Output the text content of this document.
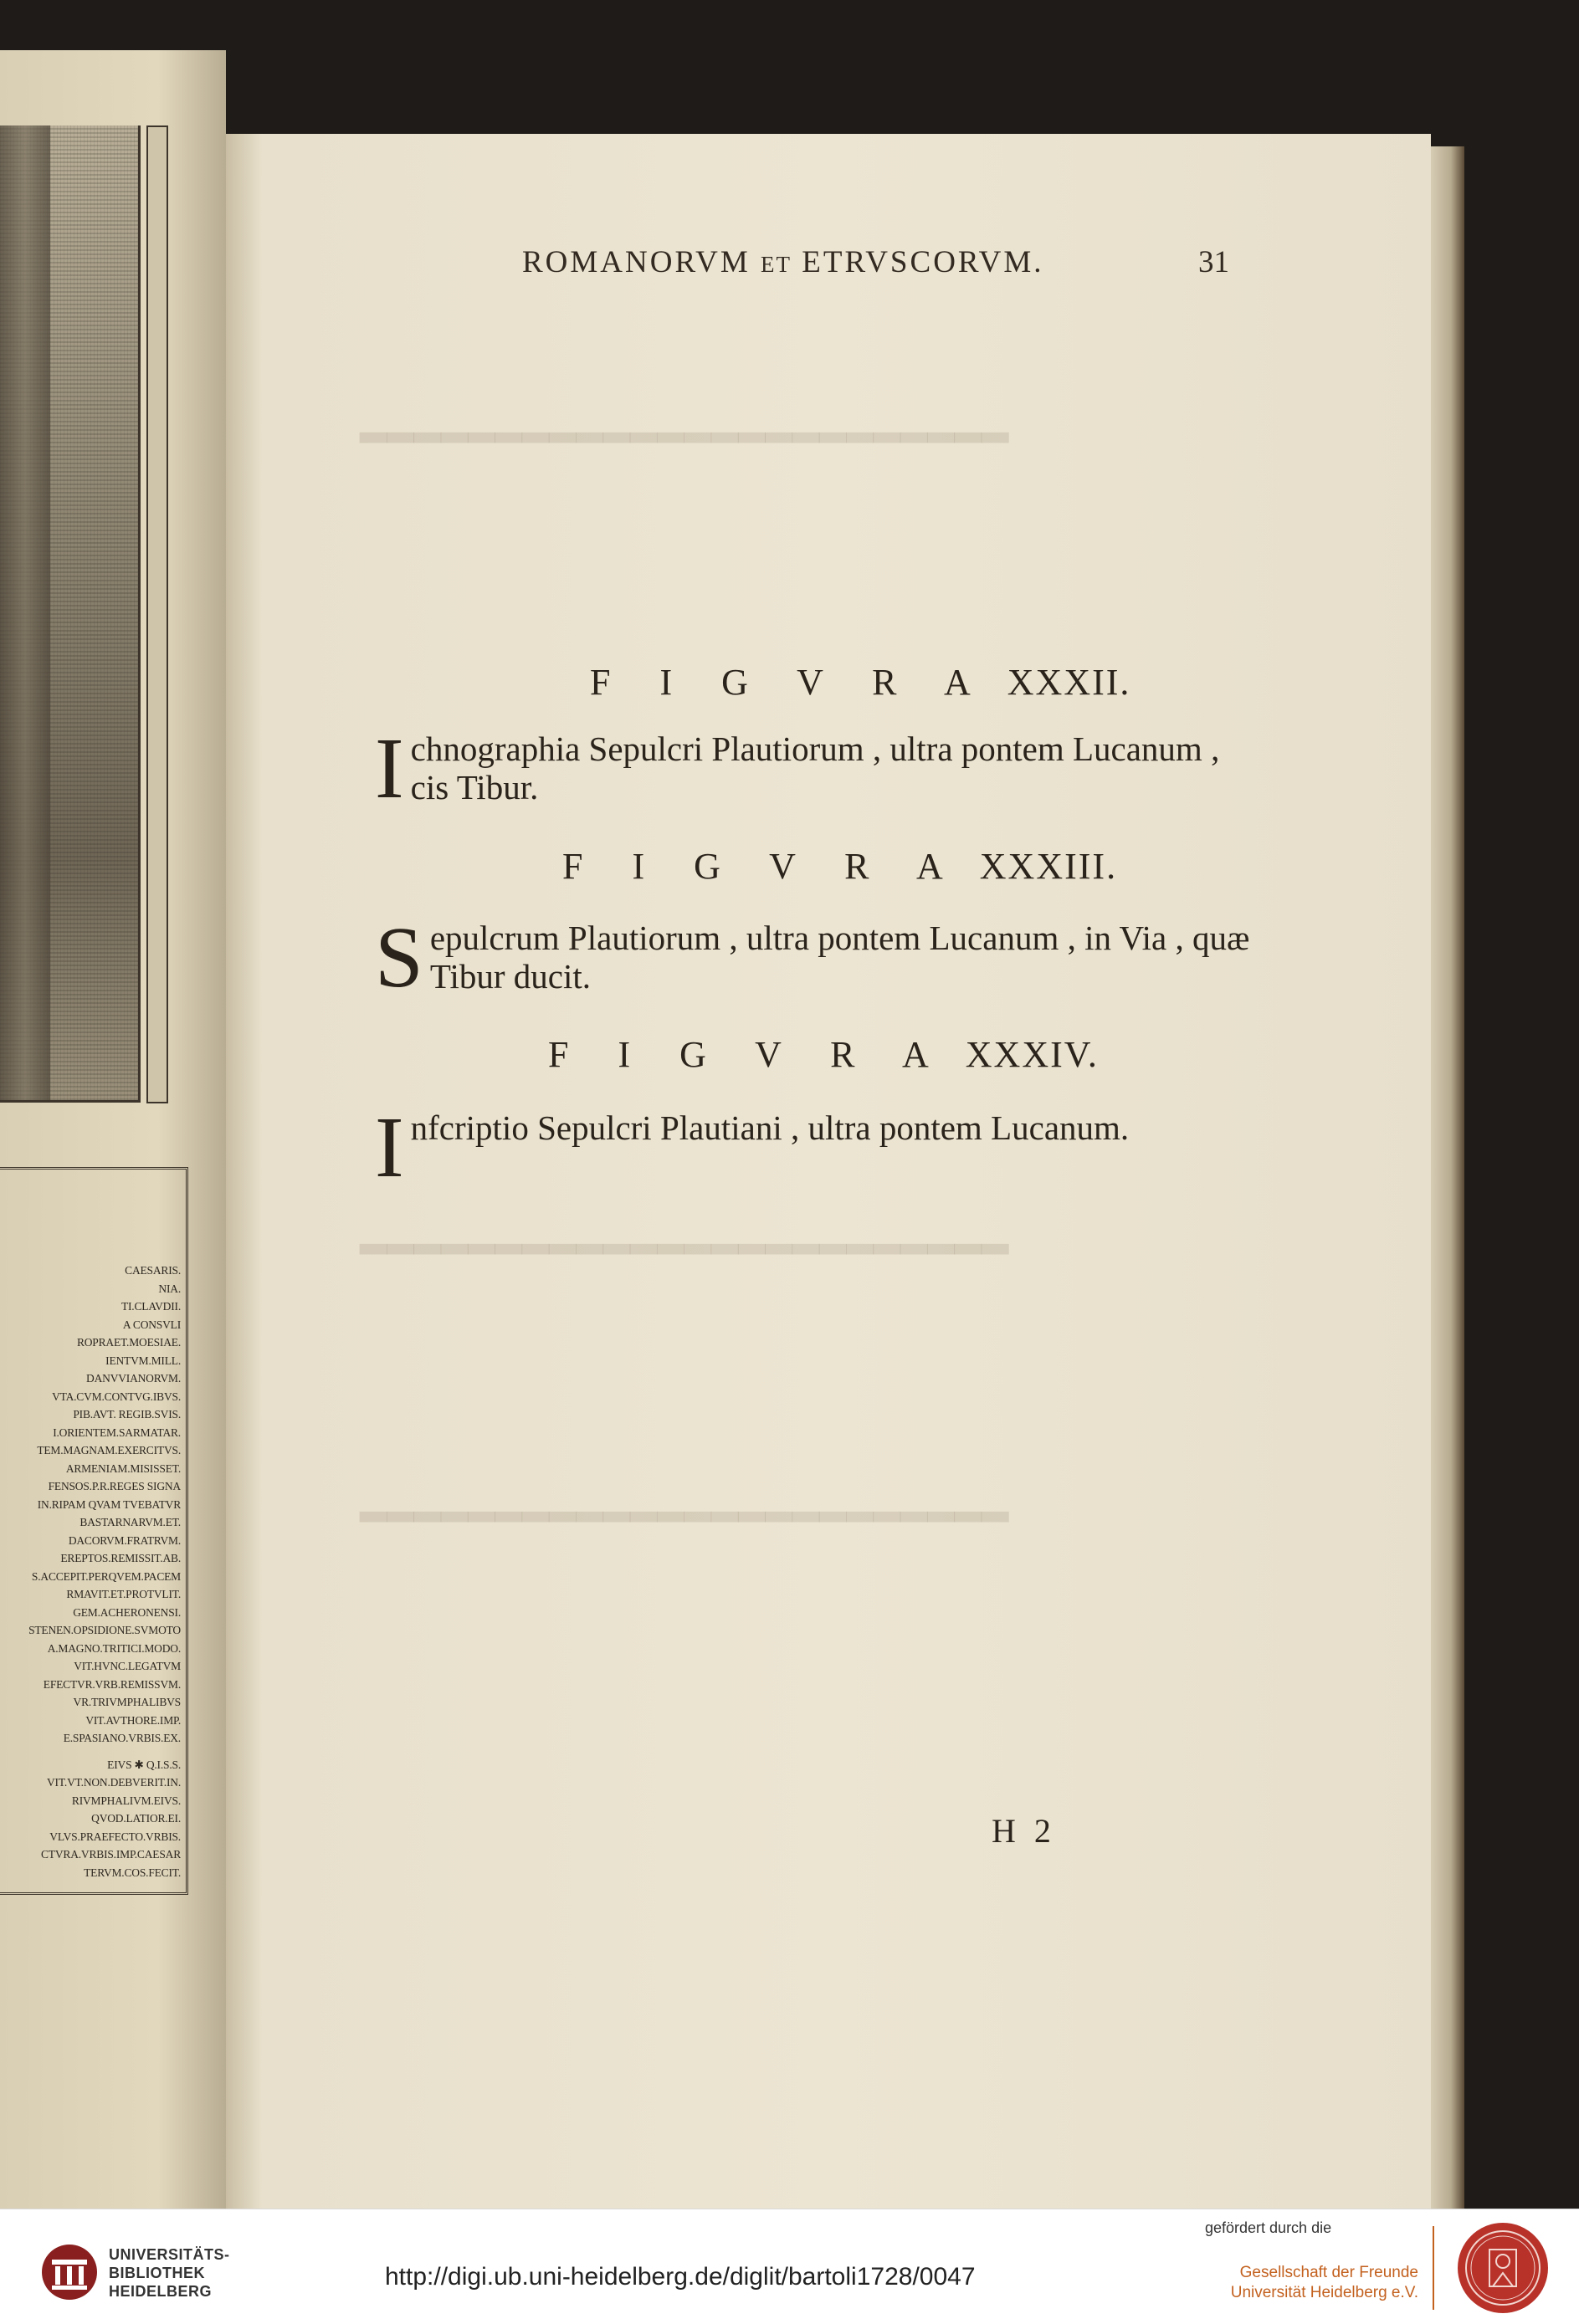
CAESARIS.
NIA.
TI.CLAVDII.
A CONSVLI
ROPRAET.MOESIAE.
IENTVM.MILL.
DANVVIANORVM.
VTA.CVM.CONTVG.IBVS.
PIB.AVT. REGIB.SVIS.
I.ORIENTEM.SARMATAR.
TEM.MAGNAM.EXERCITVS.
ARMENIAM.MISISSET.
FENSOS.P.R.REGES SIGNA
IN.RIPAM QVAM TVEBATVR
BASTARNARVM.ET.
DACORVM.FRATRVM.
EREPTOS.REMISSIT.AB.
S.ACCEPIT.PERQVEM.PACEM
RMAVIT.ET.PROTVLIT.
GEM.ACHERONENSI.
STENEN.OPSIDIONE.SVMOTO
A.MAGNO.TRITICI.MODO.
VIT.HVNC.LEGATVM
EFECTVR.VRB.REMISSVM.
VR.TRIVMPHALIBVS
VIT.AVTHORE.IMP.
E.SPASIANO.VRBIS.EX.
EIVS ✱ Q.I.S.S.
VIT.VT.NON.DEBVERIT.IN.
RIVMPHALIVM.EIVS.
QVOD.LATIOR.EI.
VLVS.PRAEFECTO.VRBIS.
CTVRA.VRBIS.IMP.CAESAR
TERVM.COS.FECIT.
▂▂▂▂▂▂▂▂▂▂▂▂▂▂▂▂▂▂▂▂▂▂▂▂
▂▂▂▂▂▂▂▂▂▂▂▂▂▂▂▂▂▂▂▂▂▂▂▂
▂▂▂▂▂▂▂▂▂▂▂▂▂▂▂▂▂▂▂▂▂▂▂▂
ROMANORVM ET ETRVSCORVM.	31
F I G V R A XXXII.
I chnographia Sepulcri Plautiorum , ultra pontem Lucanum ,
cis Tibur.
F I G V R A XXXIII.
S epulcrum Plautiorum , ultra pontem Lucanum , in Via , quæ
Tibur ducit.
F I G V R A XXXIV.
I nfcriptio Sepulcri Plautiani , ultra pontem Lucanum.
H 2
UNIVERSITÄTS-
BIBLIOTHEK
HEIDELBERG
http://digi.ub.uni-heidelberg.de/diglit/bartoli1728/0047
gefördert durch die
Gesellschaft der Freunde
Universität Heidelberg e.V.
